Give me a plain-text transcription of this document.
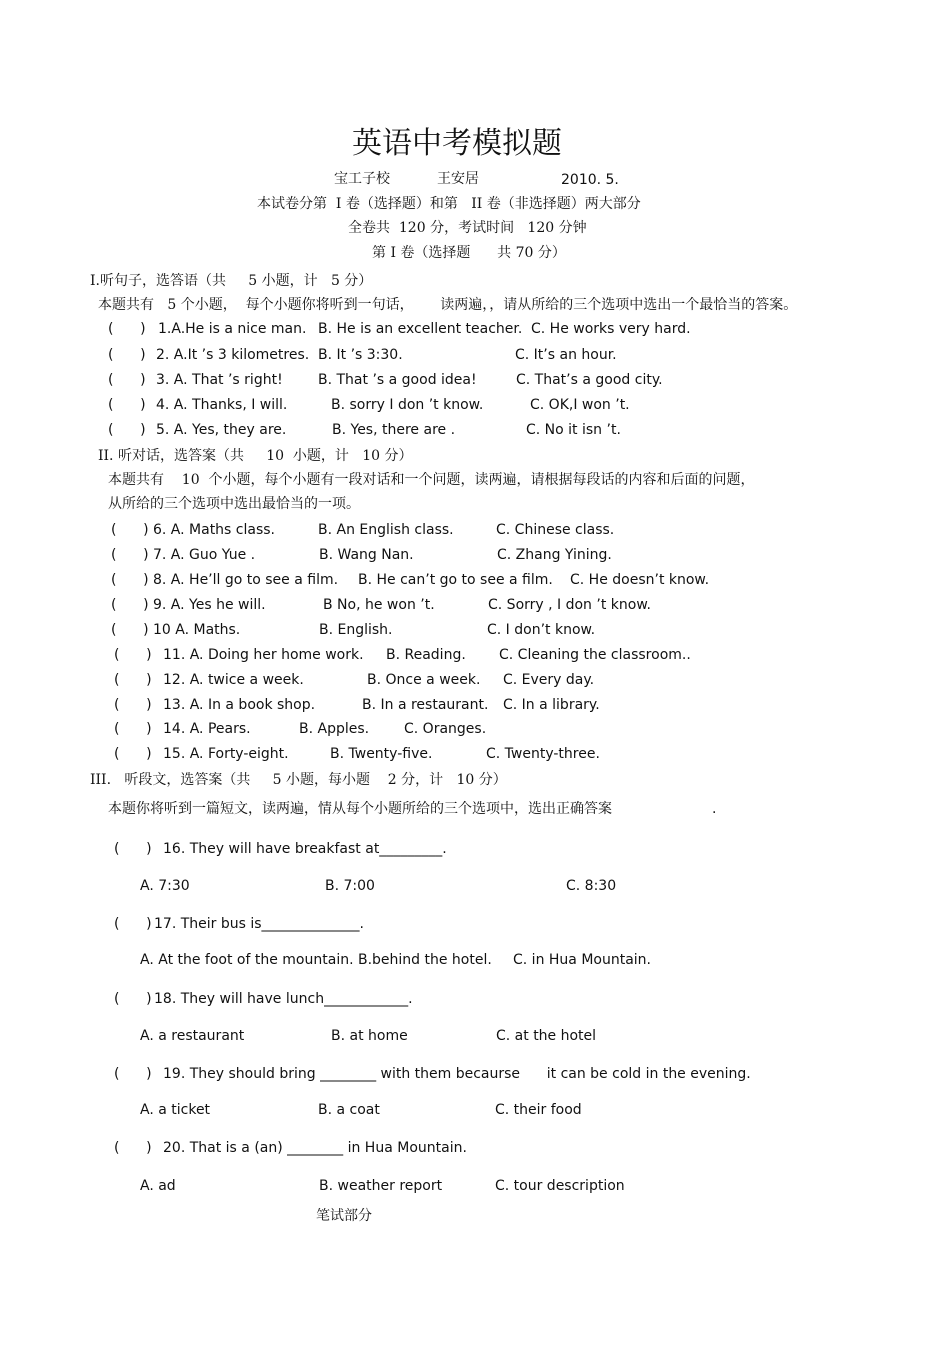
英语中考模拟题
宝工子校	王安居	2010. 5.
本试卷分第  I 卷（选择题）和第   II 卷（非选择题）两大部分
全卷共  120 分，考试时间   120 分钟
第 I 卷（选择题      共 70 分）
I.听句子，选答语（共     5 小题，计   5 分）
本题共有   5 个小题，  每个小题你将听到一句话，      读两遍，，请从所给的三个选项中选出一个最恰当的答案。
(      ) 1.A.He is a nice man. B. He is an excellent teacher. C. He works very hard.
(      ) 2. A.It ’s 3 kilometres. B. It ’s 3:30.	C. It’s an hour.
(      ) 3. A. That ’s right!	B. That ’s a good idea!	C. That’s a good city.
(      ) 4. A. Thanks, I will.	B. sorry I don ’t know.	C. OK,I won ’t.
(      ) 5. A. Yes, they are.	B. Yes, there are .	C. No it isn ’t.
II. 听对话，选答案（共     10  小题，计   10 分）
本题共有    10  个小题，每个小题有一段对话和一个问题，读两遍，请根据每段话的内容和后面的问题，
从所给的三个选项中选出最恰当的一项。
(      ) 6. A. Maths class.	B. An English class.	C. Chinese class.
(      ) 7. A. Guo Yue .	B. Wang Nan.	C. Zhang Yining.
(      ) 8. A. He’ll go to see a film. B. He can’t go to see a film. C. He doesn’t know.
(      ) 9. A. Yes he will.	B No, he won ’t.	C. Sorry , I don ’t know.
(      ) 10 A. Maths.	B. English.	C. I don’t know.
(      ) 11. A. Doing her home work. B. Reading. C. Cleaning the classroom..
(      ) 12. A. twice a week.	B. Once a week. C. Every day.
(      ) 13. A. In a book shop.	B. In a restaurant. C. In a library.
(      ) 14. A. Pears.	B. Apples. C. Oranges.
(      ) 15. A. Forty-eight.	B. Twenty-five.	C. Twenty-three.
III.   听段文，选答案（共     5 小题，每小题    2 分，计   10 分）
本题你将听到一篇短文，读两遍，情从每个小题所给的三个选项中，选出正确答案	.
(      ) 16. They will have breakfast at_________.
A. 7:30	B. 7:00	C. 8:30
(      ) 17. Their bus is______________.
A. At the foot of the mountain. B.behind the hotel. C. in Hua Mountain.
(      ) 18. They will have lunch____________.
A. a restaurant	B. at home	C. at the hotel
(      ) 19. They should bring ________ with them becaurse      it can be cold in the evening.
A. a ticket	B. a coat	C. their food
(      ) 20. That is a (an) ________ in Hua Mountain.
A. ad	B. weather report	C. tour description
笔试部分
